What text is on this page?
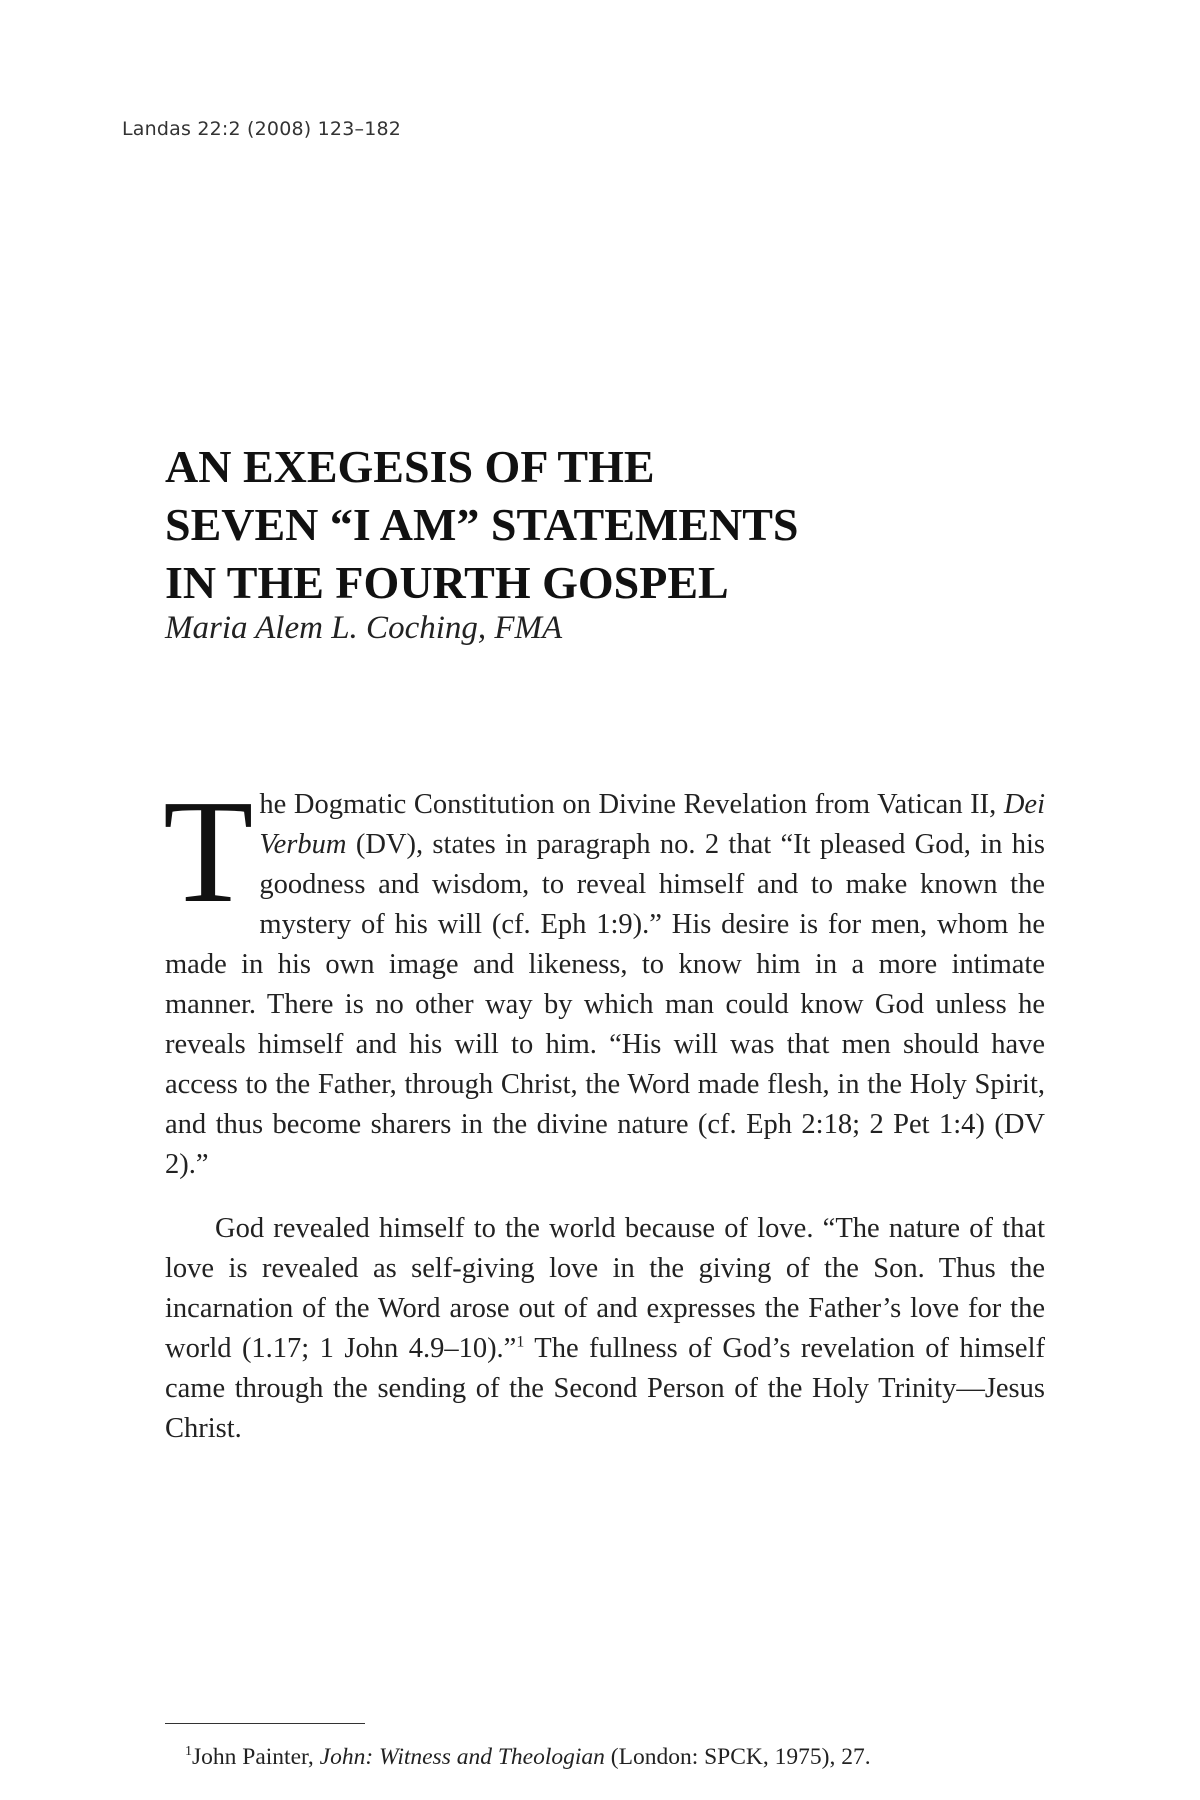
Landas 22:2 (2008) 123–182
AN EXEGESIS OF THE
SEVEN “I AM” STATEMENTS
IN THE FOURTH GOSPEL
Maria Alem L. Coching, FMA

The Dogmatic Constitution on Divine Revelation from Vatican II, Dei Verbum (DV), states in paragraph no. 2 that “It pleased God, in his goodness and wisdom, to reveal himself and to make known the mystery of his will (cf. Eph 1:9).” His desire is for men, whom he made in his own image and likeness, to know him in a more intimate manner. There is no other way by which man could know God unless he reveals himself and his will to him. “His will was that men should have access to the Father, through Christ, the Word made flesh, in the Holy Spirit, and thus become sharers in the divine nature (cf. Eph 2:18; 2 Pet 1:4) (DV 2).”

God revealed himself to the world because of love. “The nature of that love is revealed as self-giving love in the giving of the Son. Thus the incarnation of the Word arose out of and expresses the Father’s love for the world (1.17; 1 John 4.9–10).”$^1$ The fullness of God’s revelation of himself came through the sending of the Second Person of the Holy Trinity—Jesus Christ.

$^1$John Painter, John: Witness and Theologian (London: SPCK, 1975), 27.
